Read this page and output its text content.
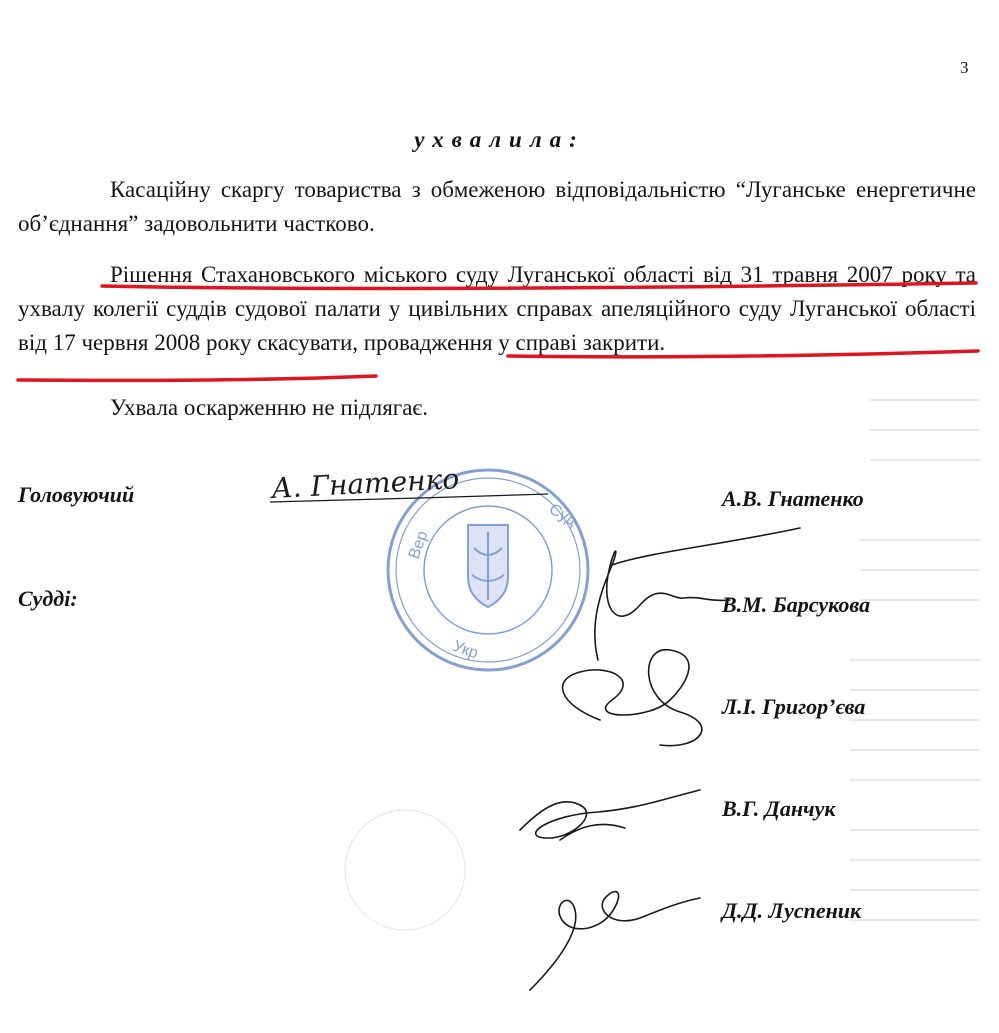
3
ухвалила:
Касаційну скаргу товариства з обмеженою відповідальністю “Луганське енергетичне об’єднання” задовольнити частково.
Рішення Стахановського міського суду Луганської області від 31 травня 2007 року та ухвалу колегії суддів судової палати у цивільних справах апеляційного суду Луганської області від 17 червня 2008 року скасувати, провадження у справі закрити.
Ухвала оскарженню не підлягає.
Головуючий
Судді:
А.В. Гнатенко
В.М. Барсукова
Л.І. Григор’єва
В.Г. Данчук
Д.Д. Луспеник
Вер
Суд
Укр
А. Гнатенко
